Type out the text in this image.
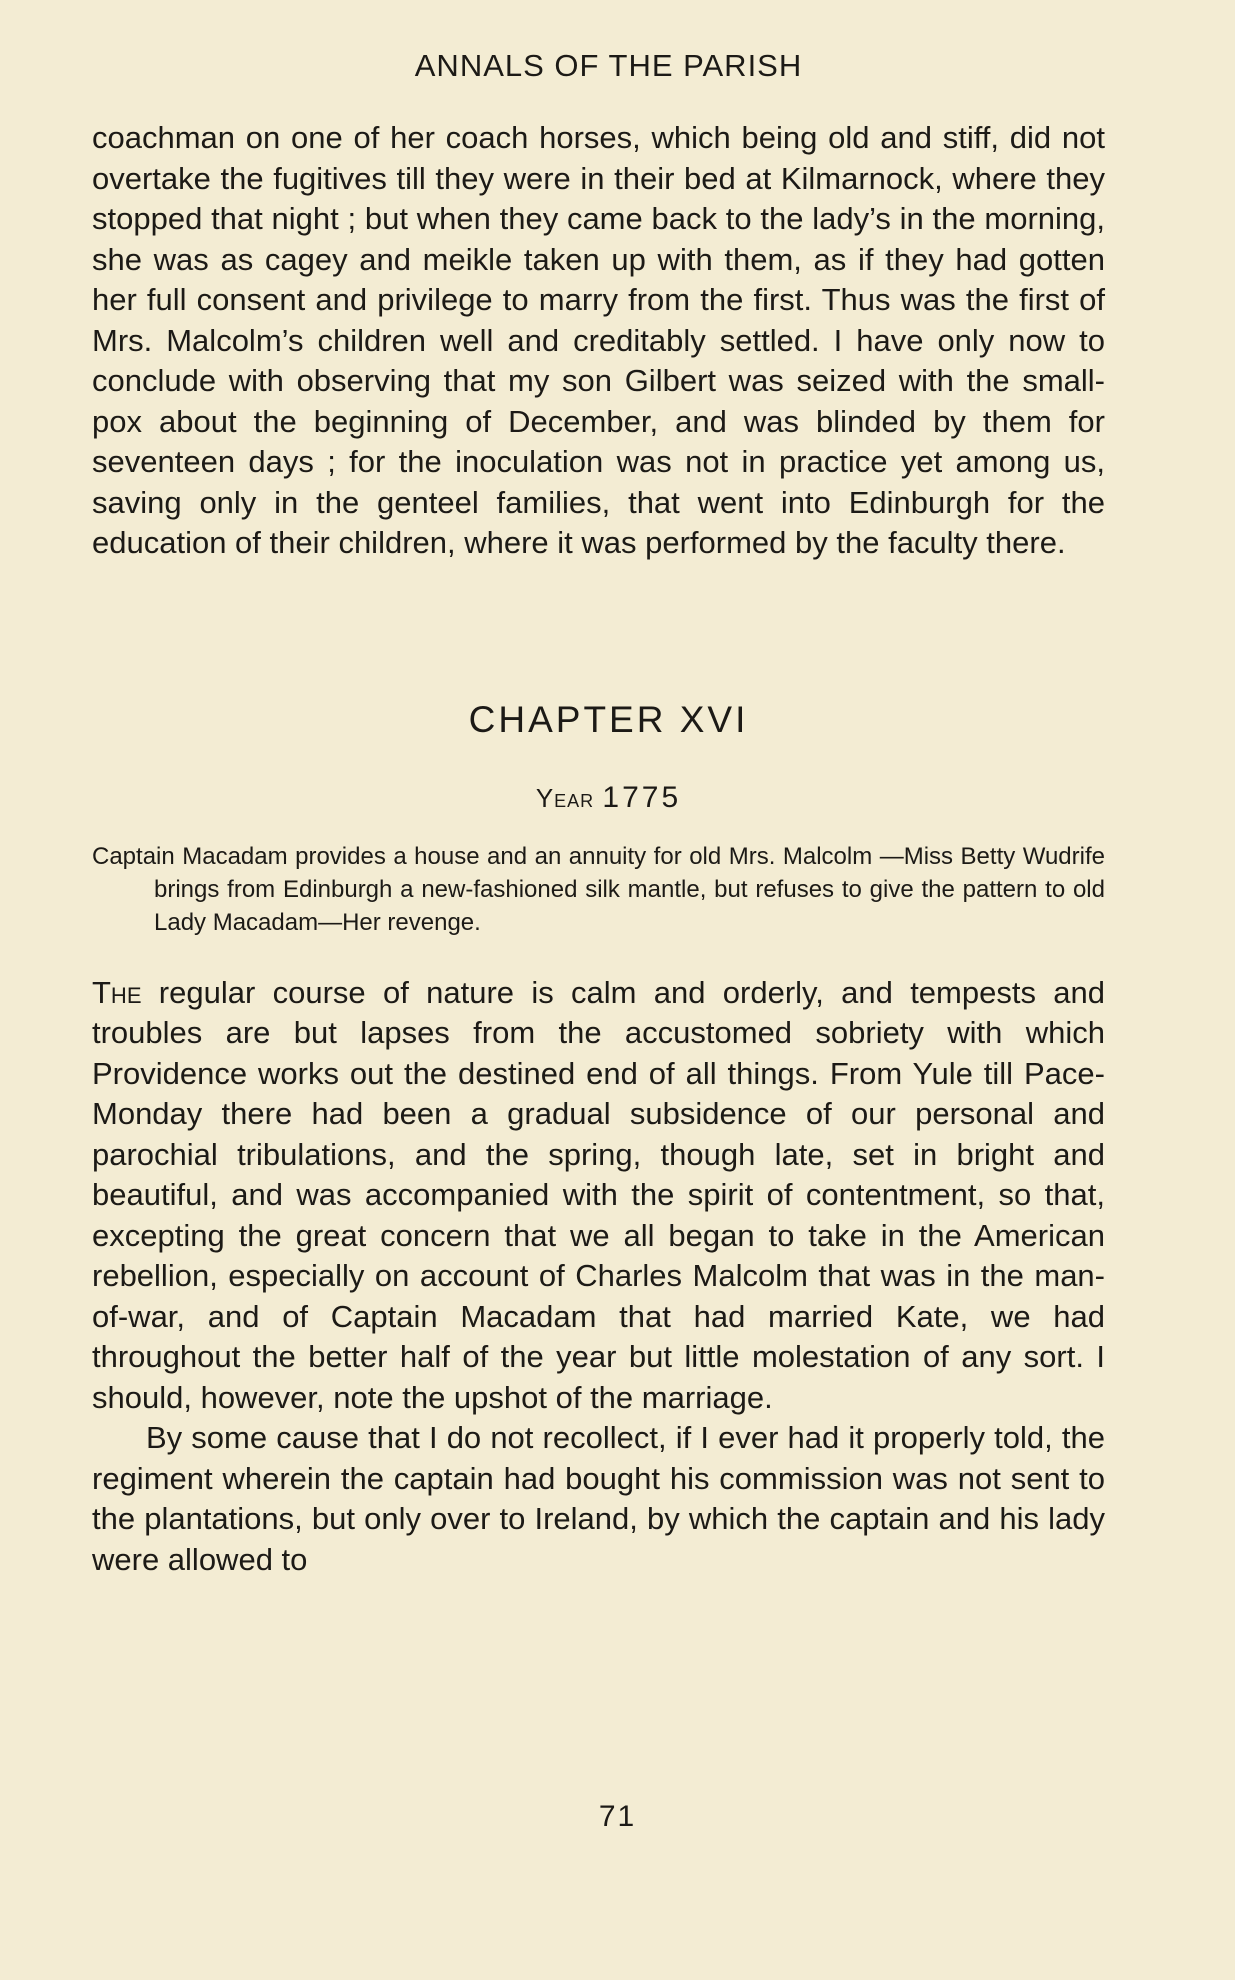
ANNALS OF THE PARISH

coachman on one of her coach horses, which being old and stiff, did not overtake the fugitives till they were in their bed at Kilmarnock, where they stopped that night ; but when they came back to the lady’s in the morning, she was as cagey and meikle taken up with them, as if they had gotten her full consent and privilege to marry from the first. Thus was the first of Mrs. Malcolm’s children well and creditably settled. I have only now to conclude with observing that my son Gilbert was seized with the small-pox about the beginning of December, and was blinded by them for seventeen days ; for the inoculation was not in practice yet among us, saving only in the genteel families, that went into Edinburgh for the education of their children, where it was performed by the faculty there.

CHAPTER XVI
Year 1775

Captain Macadam provides a house and an annuity for old Mrs. Malcolm —Miss Betty Wudrife brings from Edinburgh a new-fashioned silk mantle, but refuses to give the pattern to old Lady Macadam—Her revenge.

The regular course of nature is calm and orderly, and tempests and troubles are but lapses from the accustomed sobriety with which Providence works out the destined end of all things. From Yule till Pace-Monday there had been a gradual subsidence of our personal and parochial tribulations, and the spring, though late, set in bright and beautiful, and was accompanied with the spirit of contentment, so that, excepting the great concern that we all began to take in the American rebellion, especially on account of Charles Malcolm that was in the man-of-war, and of Captain Macadam that had married Kate, we had throughout the better half of the year but little molestation of any sort. I should, however, note the upshot of the marriage.

By some cause that I do not recollect, if I ever had it properly told, the regiment wherein the captain had bought his commission was not sent to the plantations, but only over to Ireland, by which the captain and his lady were allowed to

71
